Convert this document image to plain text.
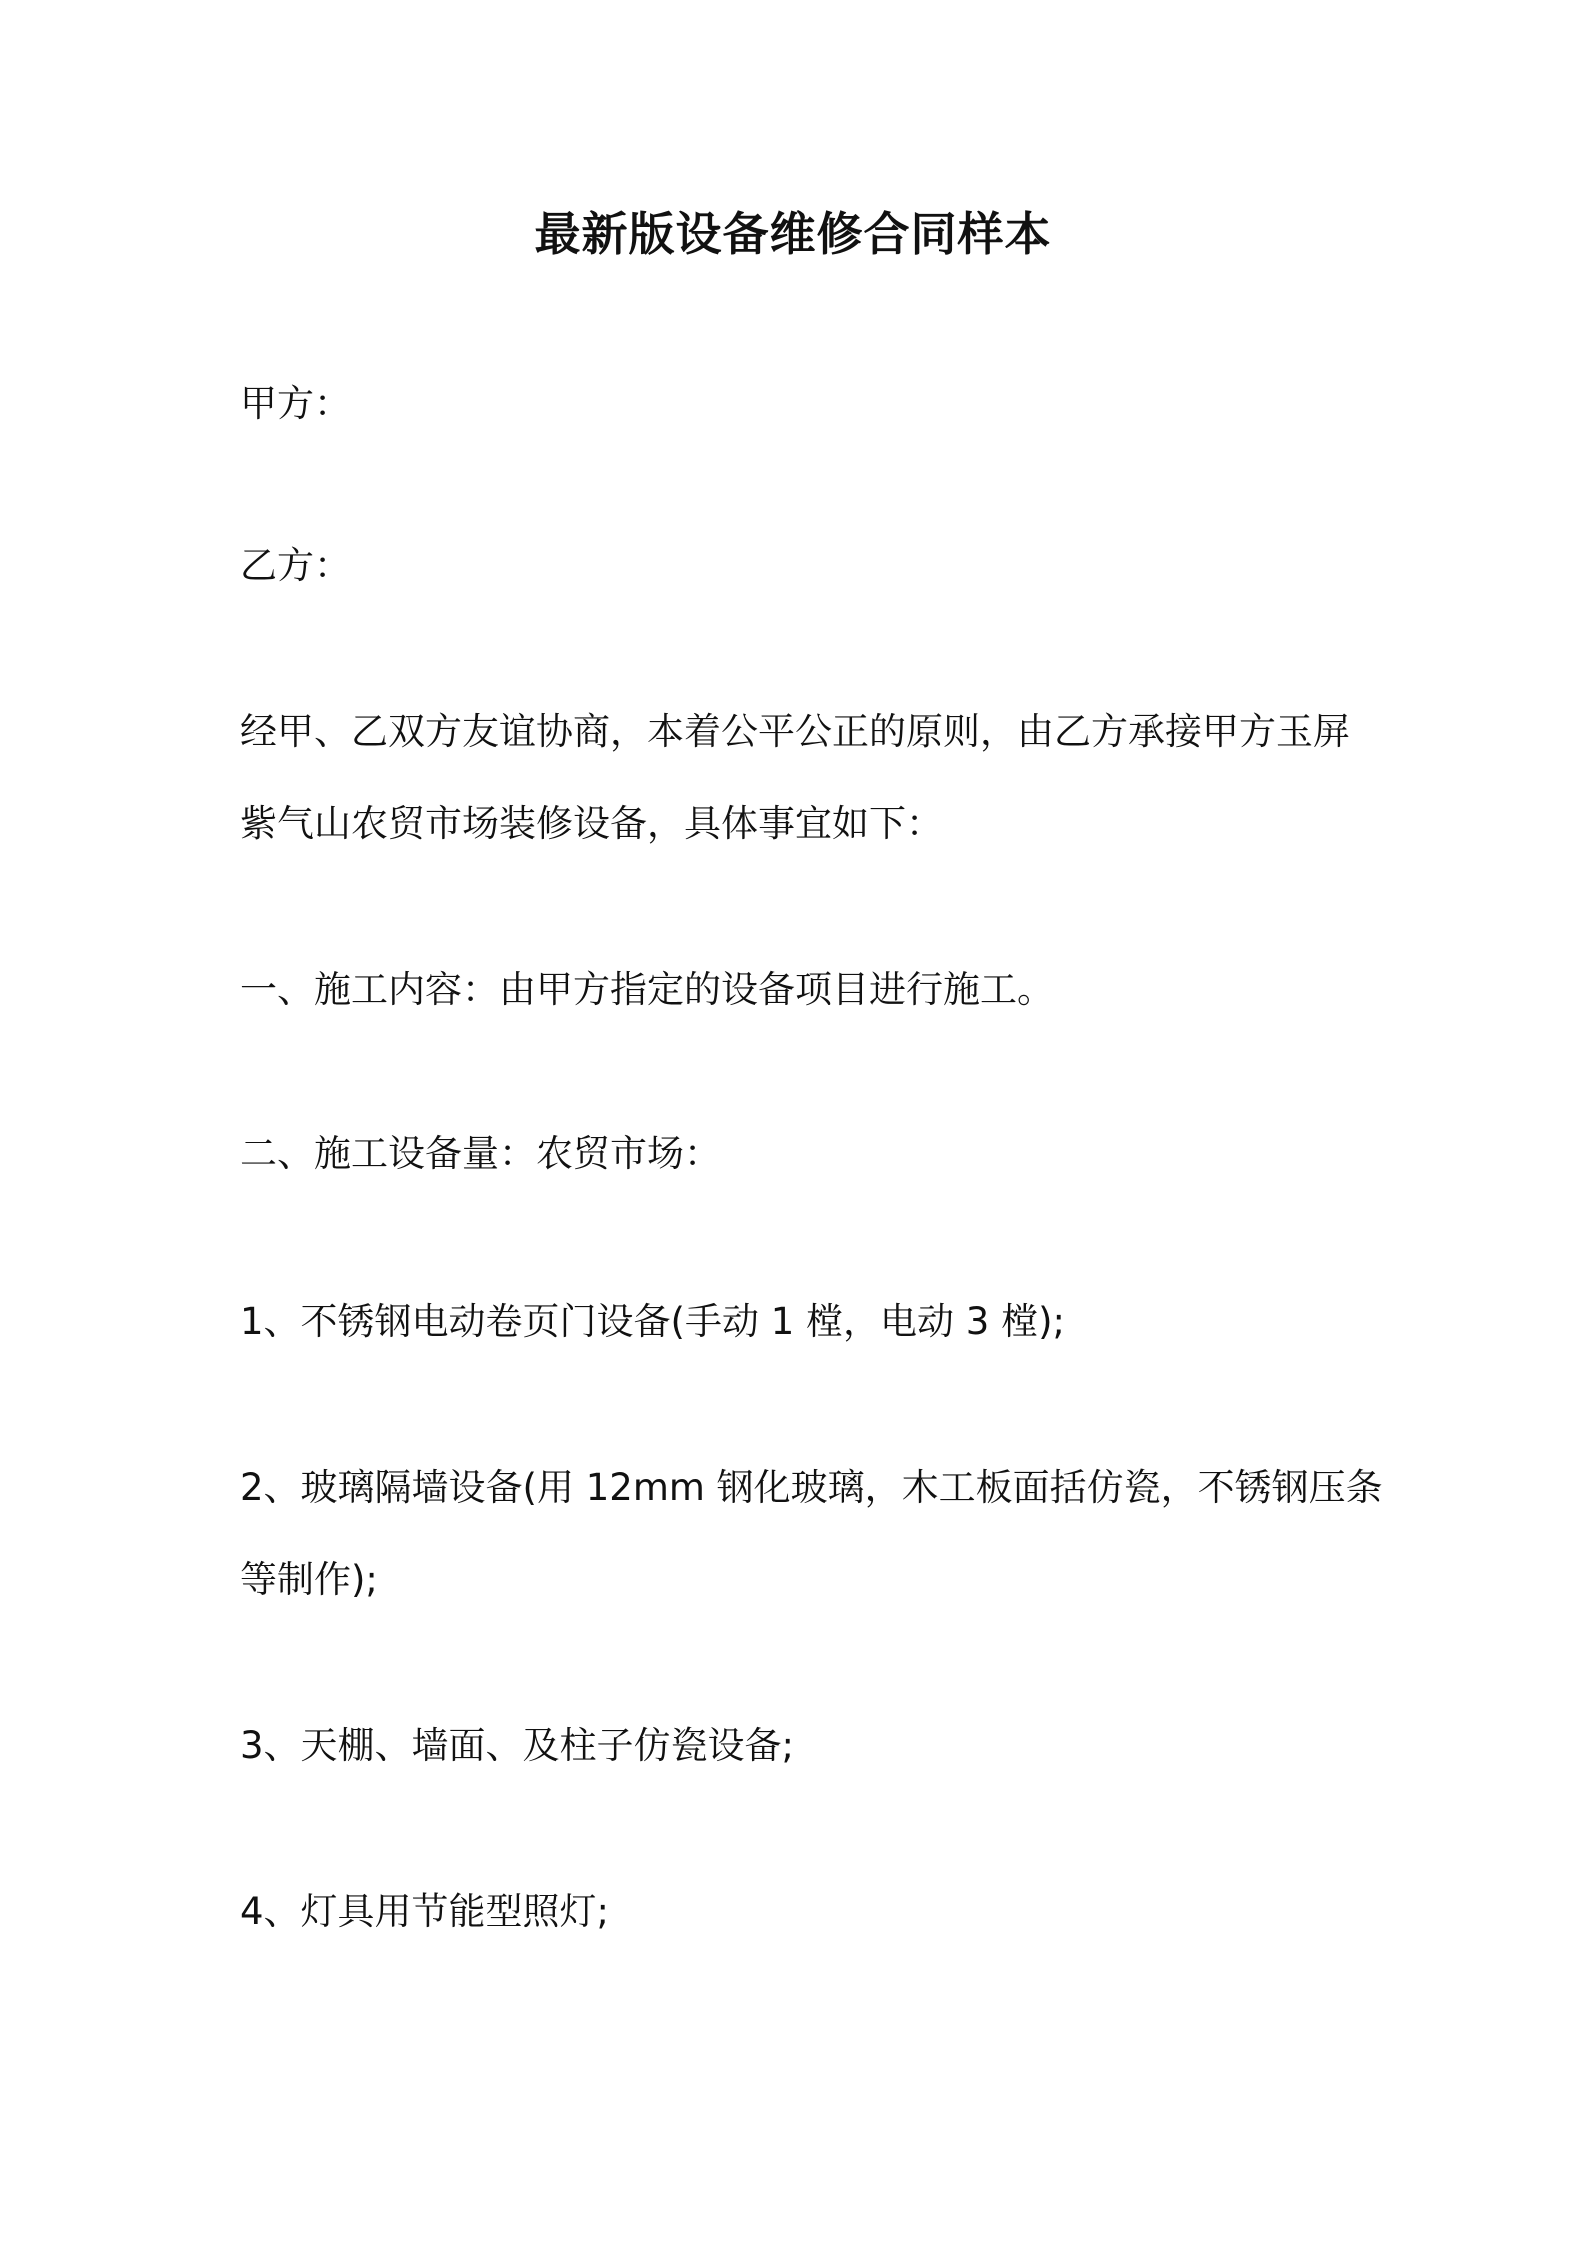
最新版设备维修合同样本

甲方：

乙方：

经甲、乙双方友谊协商，本着公平公正的原则，由乙方承接甲方玉屏

紫气山农贸市场装修设备，具体事宜如下：

一、施工内容：由甲方指定的设备项目进行施工。

二、施工设备量：农贸市场：

1、不锈钢电动卷页门设备(手动 1 樘，电动 3 樘);

2、玻璃隔墙设备(用 12mm 钢化玻璃，木工板面括仿瓷，不锈钢压条

等制作);

3、天棚、墙面、及柱子仿瓷设备;

4、灯具用节能型照灯;
